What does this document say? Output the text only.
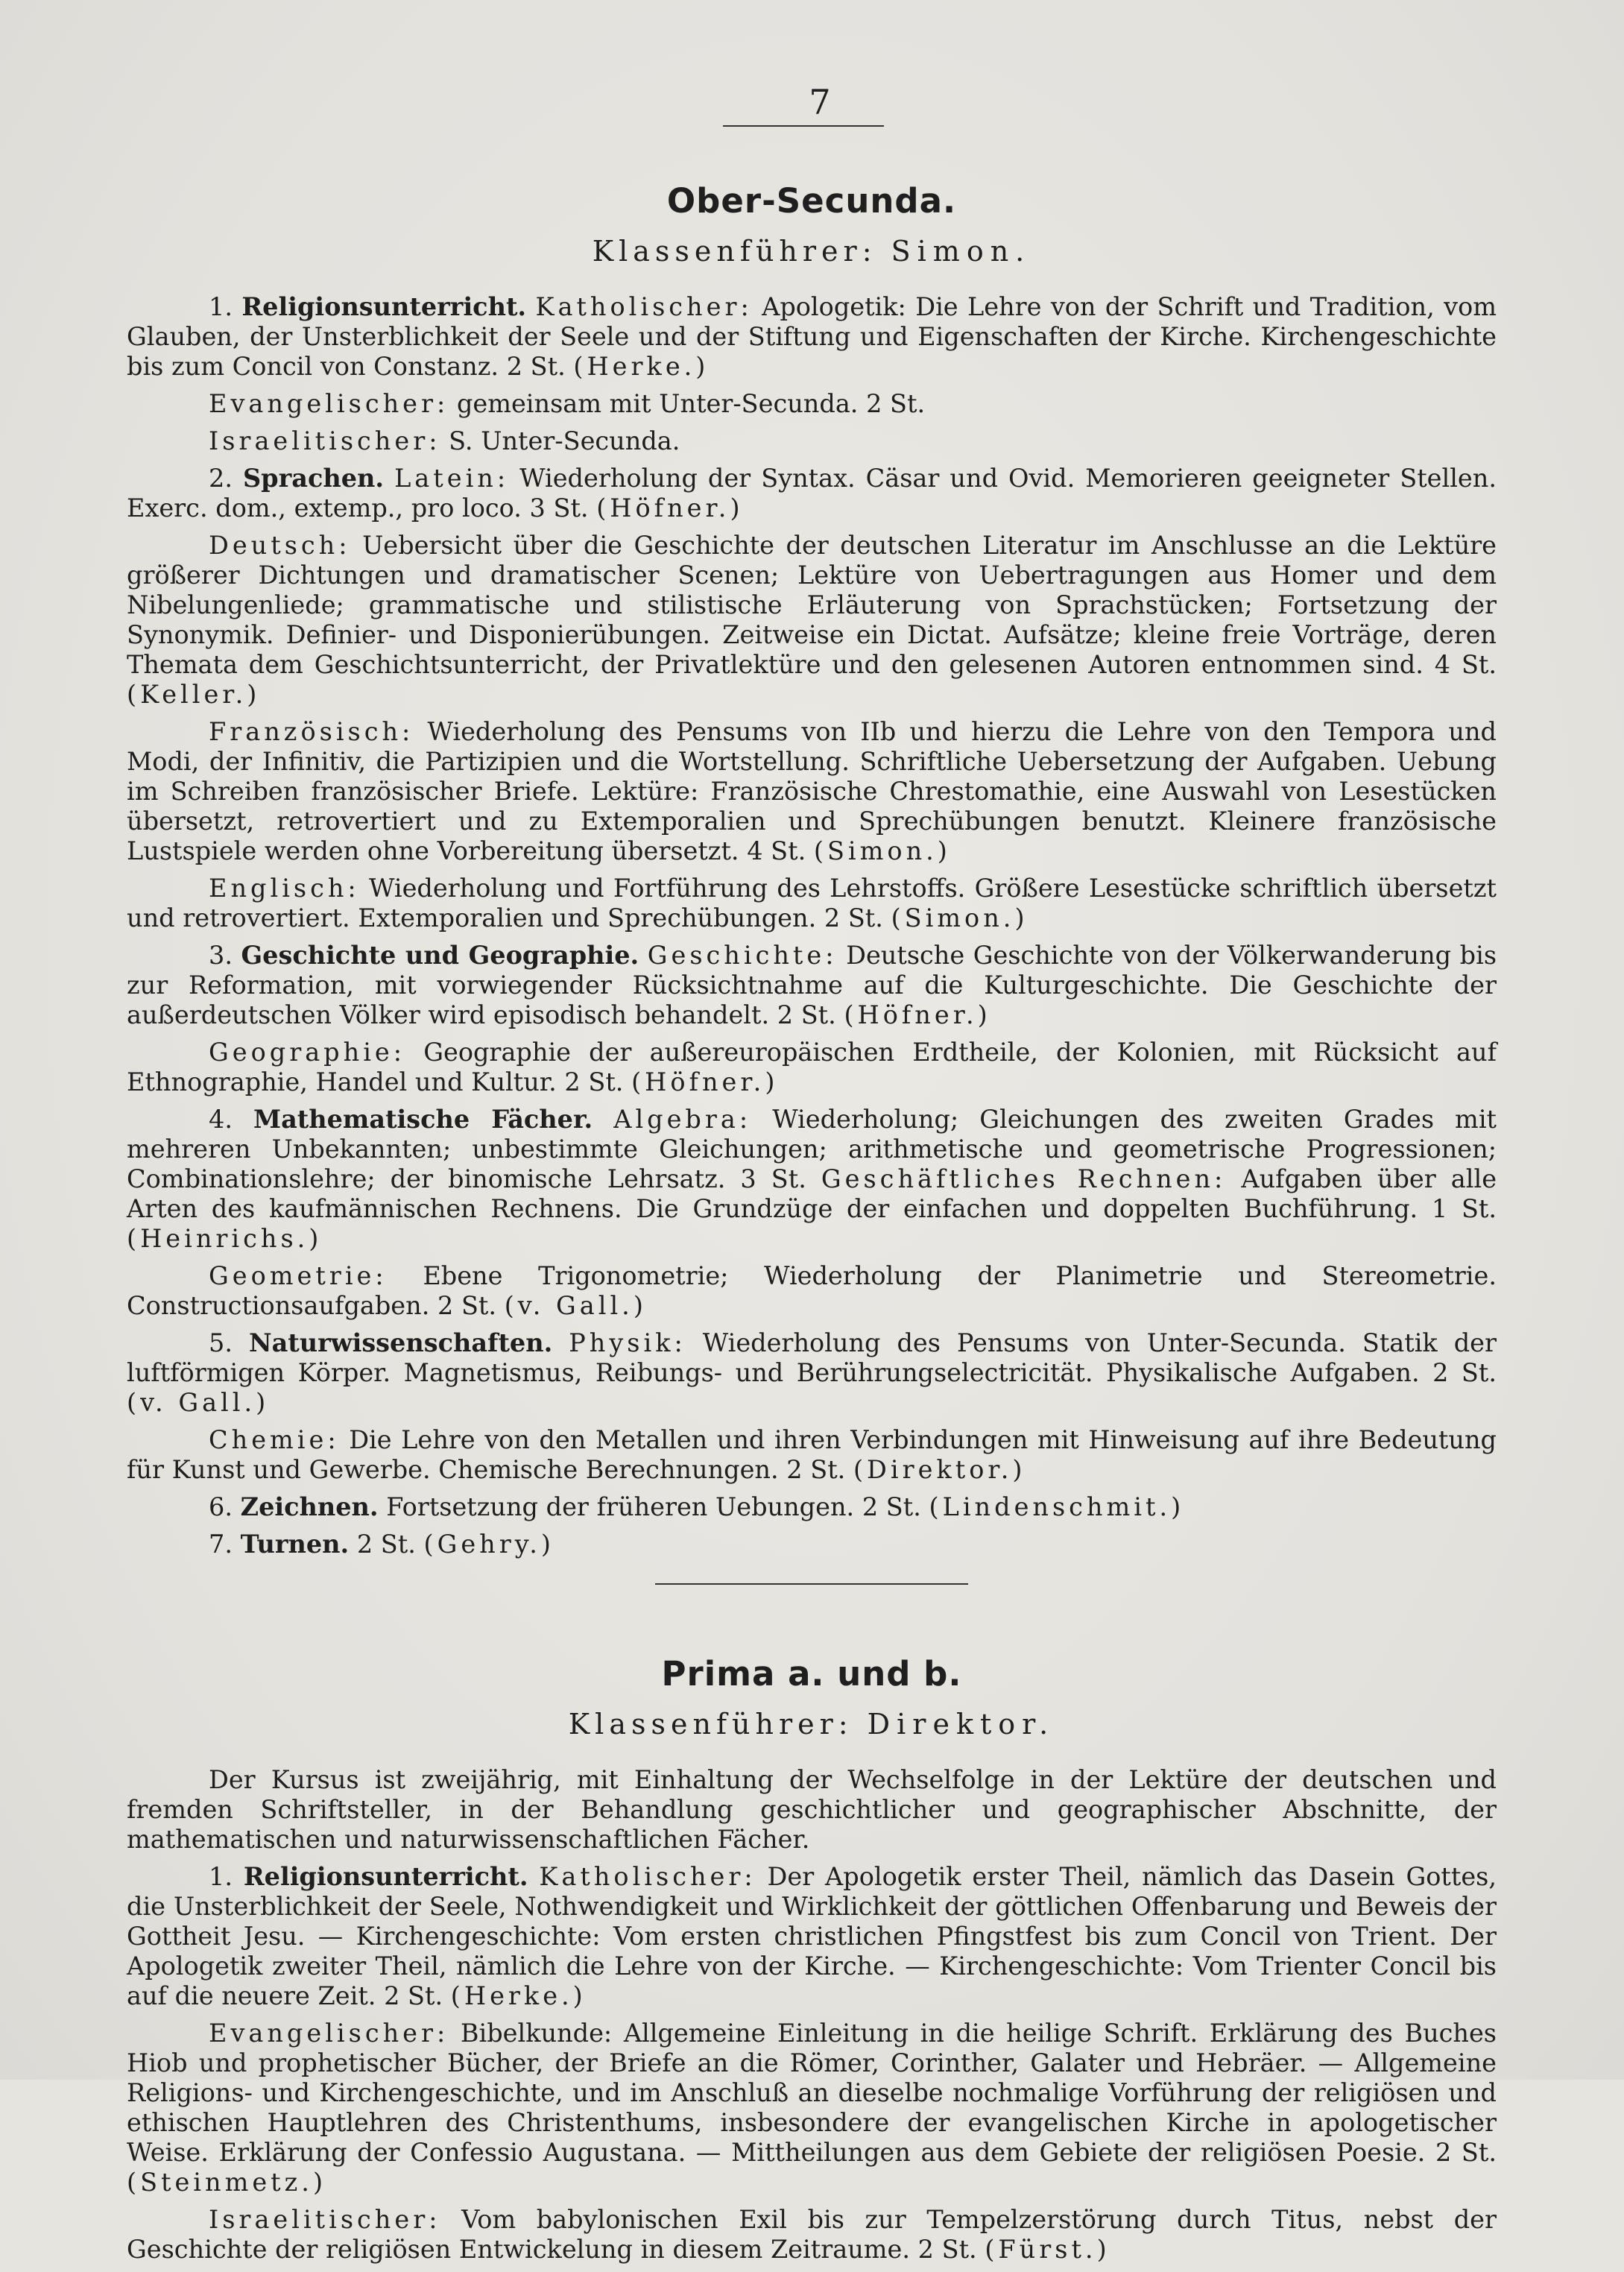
7
Ober-Secunda.
Klassenführer: Simon.

1. Religionsunterricht. Katholischer: Apologetik: Die Lehre von der Schrift und Tradition, vom Glauben, der Unsterblichkeit der Seele und der Stiftung und Eigenschaften der Kirche. Kirchengeschichte bis zum Concil von Constanz. 2 St. (Herke.)

Evangelischer: gemeinsam mit Unter-Secunda. 2 St.

Israelitischer: S. Unter-Secunda.

2. Sprachen. Latein: Wiederholung der Syntax. Cäsar und Ovid. Memorieren geeigneter Stellen. Exerc. dom., extemp., pro loco. 3 St. (Höfner.)

Deutsch: Uebersicht über die Geschichte der deutschen Literatur im Anschlusse an die Lektüre größerer Dichtungen und dramatischer Scenen; Lektüre von Uebertragungen aus Homer und dem Nibelungenliede; grammatische und stilistische Erläuterung von Sprachstücken; Fortsetzung der Synonymik. Definier- und Disponierübungen. Zeitweise ein Dictat. Aufsätze; kleine freie Vorträge, deren Themata dem Geschichtsunterricht, der Privatlektüre und den gelesenen Autoren entnommen sind. 4 St. (Keller.)

Französisch: Wiederholung des Pensums von IIb und hierzu die Lehre von den Tempora und Modi, der Infinitiv, die Partizipien und die Wortstellung. Schriftliche Uebersetzung der Aufgaben. Uebung im Schreiben französischer Briefe. Lektüre: Französische Chrestomathie, eine Auswahl von Lesestücken übersetzt, retrovertiert und zu Extemporalien und Sprechübungen benutzt. Kleinere französische Lustspiele werden ohne Vorbereitung übersetzt. 4 St. (Simon.)

Englisch: Wiederholung und Fortführung des Lehrstoffs. Größere Lesestücke schriftlich übersetzt und retrovertiert. Extemporalien und Sprechübungen. 2 St. (Simon.)

3. Geschichte und Geographie. Geschichte: Deutsche Geschichte von der Völkerwanderung bis zur Reformation, mit vorwiegender Rücksichtnahme auf die Kulturgeschichte. Die Geschichte der außerdeutschen Völker wird episodisch behandelt. 2 St. (Höfner.)

Geographie: Geographie der außereuropäischen Erdtheile, der Kolonien, mit Rücksicht auf Ethnographie, Handel und Kultur. 2 St. (Höfner.)

4. Mathematische Fächer. Algebra: Wiederholung; Gleichungen des zweiten Grades mit mehreren Unbekannten; unbestimmte Gleichungen; arithmetische und geometrische Progressionen; Combinationslehre; der binomische Lehrsatz. 3 St. Geschäftliches Rechnen: Aufgaben über alle Arten des kaufmännischen Rechnens. Die Grundzüge der einfachen und doppelten Buchführung. 1 St. (Heinrichs.)

Geometrie: Ebene Trigonometrie; Wiederholung der Planimetrie und Stereometrie. Constructionsaufgaben. 2 St. (v. Gall.)

5. Naturwissenschaften. Physik: Wiederholung des Pensums von Unter-Secunda. Statik der luftförmigen Körper. Magnetismus, Reibungs- und Berührungselectricität. Physikalische Aufgaben. 2 St. (v. Gall.)

Chemie: Die Lehre von den Metallen und ihren Verbindungen mit Hinweisung auf ihre Bedeutung für Kunst und Gewerbe. Chemische Berechnungen. 2 St. (Direktor.)

6. Zeichnen. Fortsetzung der früheren Uebungen. 2 St. (Lindenschmit.)

7. Turnen. 2 St. (Gehry.)

Prima a. und b.
Klassenführer: Direktor.

Der Kursus ist zweijährig, mit Einhaltung der Wechselfolge in der Lektüre der deutschen und fremden Schriftsteller, in der Behandlung geschichtlicher und geographischer Abschnitte, der mathematischen und naturwissenschaftlichen Fächer.

1. Religionsunterricht. Katholischer: Der Apologetik erster Theil, nämlich das Dasein Gottes, die Unsterblichkeit der Seele, Nothwendigkeit und Wirklichkeit der göttlichen Offenbarung und Beweis der Gottheit Jesu. — Kirchengeschichte: Vom ersten christlichen Pfingstfest bis zum Concil von Trient. Der Apologetik zweiter Theil, nämlich die Lehre von der Kirche. — Kirchengeschichte: Vom Trienter Concil bis auf die neuere Zeit. 2 St. (Herke.)

Evangelischer: Bibelkunde: Allgemeine Einleitung in die heilige Schrift. Erklärung des Buches Hiob und prophetischer Bücher, der Briefe an die Römer, Corinther, Galater und Hebräer. — Allgemeine Religions- und Kirchengeschichte, und im Anschluß an dieselbe nochmalige Vorführung der religiösen und ethischen Hauptlehren des Christenthums, insbesondere der evangelischen Kirche in apologetischer Weise. Erklärung der Confessio Augustana. — Mittheilungen aus dem Gebiete der religiösen Poesie. 2 St. (Steinmetz.)

Israelitischer: Vom babylonischen Exil bis zur Tempelzerstörung durch Titus, nebst der Geschichte der religiösen Entwickelung in diesem Zeitraume. 2 St. (Fürst.)
